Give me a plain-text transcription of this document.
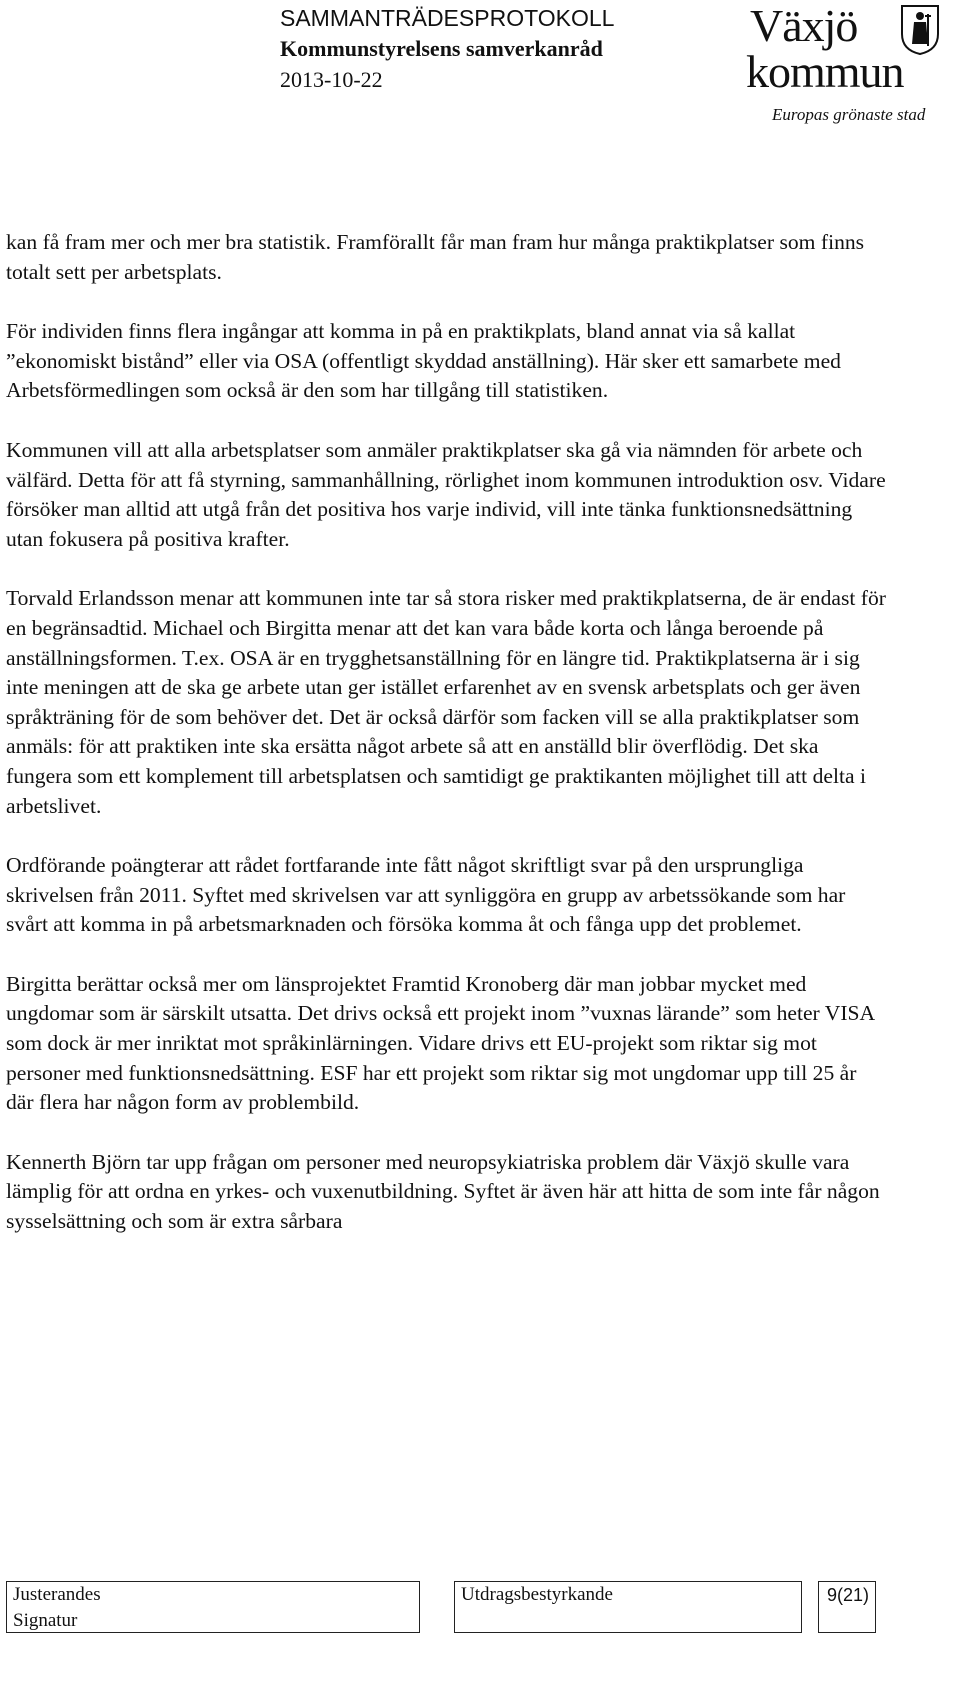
SAMMANTRÄDESPROTOKOLL
Kommunstyrelsens samverkanråd
2013-10-22
Växjö
kommun
Europas grönaste stad

kan få fram mer och mer bra statistik. Framförallt får man fram hur många praktikplatser som finns totalt sett per arbetsplats.

För individen finns flera ingångar att komma in på en praktikplats, bland annat via så kallat ”ekonomiskt bistånd” eller via OSA (offentligt skyddad anställning). Här sker ett samarbete med Arbetsförmedlingen som också är den som har tillgång till statistiken.

Kommunen vill att alla arbetsplatser som anmäler praktikplatser ska gå via nämnden för arbete och välfärd. Detta för att få styrning, sammanhållning, rörlighet inom kommunen introduktion osv. Vidare försöker man alltid att utgå från det positiva hos varje individ, vill inte tänka funktionsnedsättning utan fokusera på positiva krafter.

Torvald Erlandsson menar att kommunen inte tar så stora risker med praktikplatserna, de är endast för en begränsadtid. Michael och Birgitta menar att det kan vara både korta och långa beroende på anställningsformen. T.ex. OSA är en trygghetsanställning för en längre tid. Praktikplatserna är i sig inte meningen att de ska ge arbete utan ger istället erfarenhet av en svensk arbetsplats och ger även språkträning för de som behöver det. Det är också därför som facken vill se alla praktikplatser som anmäls: för att praktiken inte ska ersätta något arbete så att en anställd blir överflödig. Det ska fungera som ett komplement till arbetsplatsen och samtidigt ge praktikanten möjlighet till att delta i arbetslivet.

Ordförande poängterar att rådet fortfarande inte fått något skriftligt svar på den ursprungliga skrivelsen från 2011. Syftet med skrivelsen var att synliggöra en grupp av arbetssökande som har svårt att komma in på arbetsmarknaden och försöka komma åt och fånga upp det problemet.

Birgitta berättar också mer om länsprojektet Framtid Kronoberg där man jobbar mycket med ungdomar som är särskilt utsatta. Det drivs också ett projekt inom ”vuxnas lärande” som heter VISA som dock är mer inriktat mot språkinlärningen. Vidare drivs ett EU-projekt som riktar sig mot personer med funktionsnedsättning. ESF har ett projekt som riktar sig mot ungdomar upp till 25 år där flera har någon form av problembild.

Kennerth Björn tar upp frågan om personer med neuropsykiatriska problem där Växjö skulle vara lämplig för att ordna en yrkes- och vuxenutbildning. Syftet är även här att hitta de som inte får någon sysselsättning och som är extra sårbara

Justerandes
Signatur
Utdragsbestyrkande	9(21)
